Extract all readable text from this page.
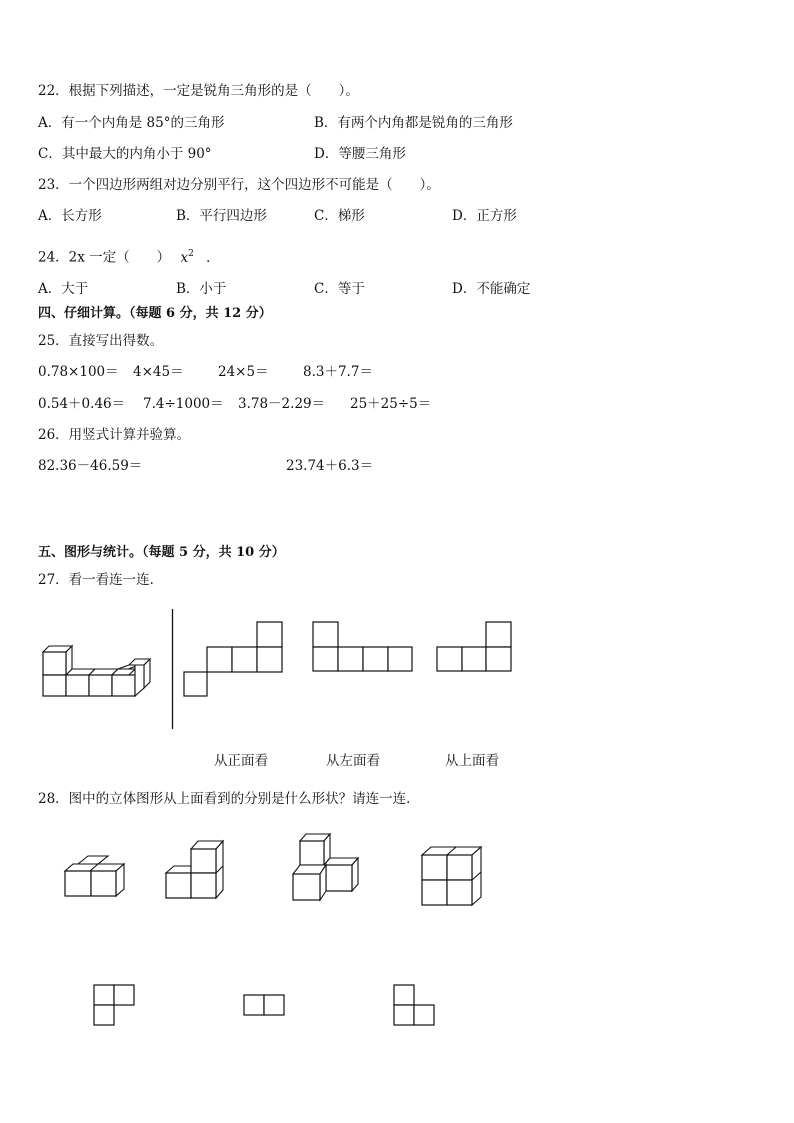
22．根据下列描述，一定是锐角三角形的是（　　）。
A．有一个内角是 85°的三角形	B．有两个内角都是锐角的三角形
C．其中最大的内角小于 90°	D．等腰三角形
23．一个四边形两组对边分别平行，这个四边形不可能是（　　）。
A．长方形	B．平行四边形	C．梯形	D．正方形
24．2x 一定（　　） $x^2$ ．
A．大于	B．小于	C．等于	D．不能确定
四、仔细计算。（每题 6 分，共 12 分）
25．直接写出得数。
0.78×100＝ 4×45＝	24×5＝	8.3＋7.7＝
0.54＋0.46＝ 7.4÷1000＝ 3.78－2.29＝ 25＋25÷5＝
26．用竖式计算并验算。
82.36－46.59＝	23.74＋6.3＝
五、图形与统计。（每题 5 分，共 10 分）
27．看一看连一连．
从正面看	从左面看	从上面看
28．图中的立体图形从上面看到的分别是什么形状？请连一连．
